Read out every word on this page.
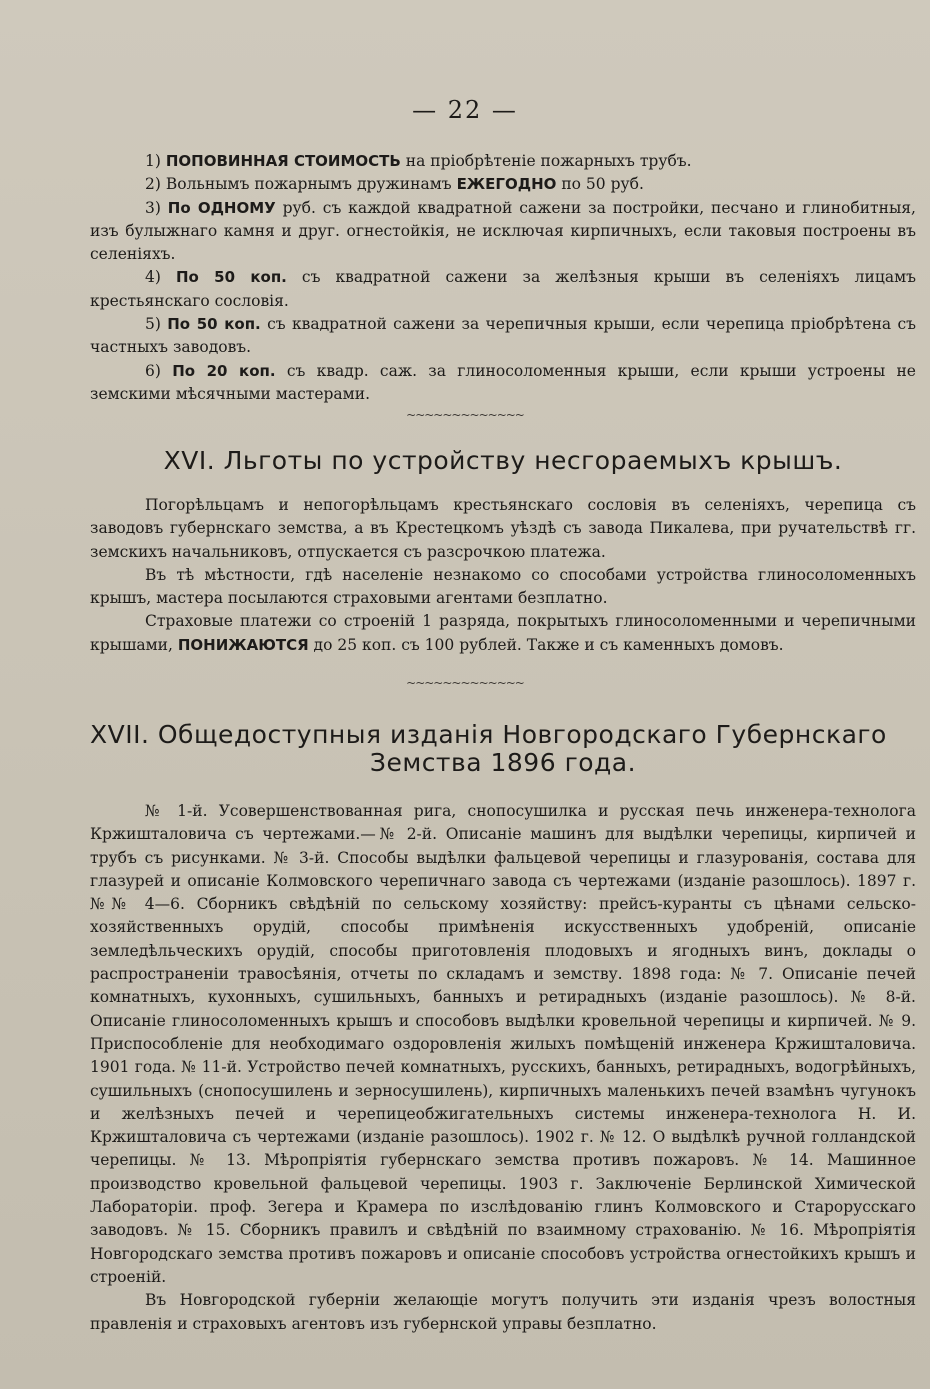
— 22 —

1) ПОПОВИННАЯ СТОИМОСТЬ на пріобрѣтеніе пожарныхъ трубъ.

2) Вольнымъ пожарнымъ дружинамъ ЕЖЕГОДНО по 50 руб.

3) По ОДНОМУ руб. съ каждой квадратной сажени за постройки, песчано и глинобитныя, изъ булыжнаго камня и друг. огнестойкія, не исключая кирпичныхъ, если таковыя построены въ селеніяхъ.

4) По 50 коп. съ квадратной сажени за желѣзныя крыши въ селеніяхъ лицамъ крестьянскаго сословія.

5) По 50 коп. съ квадратной сажени за черепичныя крыши, если черепица пріобрѣтена съ частныхъ заводовъ.

6) По 20 коп. съ квадр. саж. за глиносоломенныя крыши, если крыши устроены не земскими мѣсячными мастерами.

~~~~~~~~~~~~~
XVI. Льготы по устройству несгораемыхъ крышъ.

Погорѣльцамъ и непогорѣльцамъ крестьянскаго сословія въ селеніяхъ, черепица съ заводовъ губернскаго земства, а въ Крестецкомъ уѣздѣ съ завода Пикалева, при ручательствѣ гг. земскихъ начальниковъ, отпускается съ разсрочкою платежа.

Въ тѣ мѣстности, гдѣ населеніе незнакомо со способами устройства глиносоломенныхъ крышъ, мастера посылаются страховыми агентами безплатно.

Страховые платежи со строеній 1 разряда, покрытыхъ глиносоломенными и черепичными крышами, ПОНИЖАЮТСЯ до 25 коп. съ 100 рублей. Также и съ каменныхъ домовъ.

~~~~~~~~~~~~~
XVII. Общедоступныя изданія Новгородскаго Губернскаго
Земства 1896 года.

№ 1-й. Усовершенствованная рига, снопосушилка и русская печь инженера-технолога Кржишталовича съ чертежами.—№ 2-й. Описаніе машинъ для выдѣлки черепицы, кирпичей и трубъ съ рисунками. № 3-й. Способы выдѣлки фальцевой черепицы и глазурованія, состава для глазурей и описаніе Колмовского черепичнаго завода съ чертежами (изданіе разошлось). 1897 г. №№ 4—6. Сборникъ свѣдѣній по сельскому хозяйству: прейсъ-куранты съ цѣнами сельско-хозяйственныхъ орудій, способы примѣненія искусственныхъ удобреній, описаніе земледѣльческихъ орудій, способы приготовленія плодовыхъ и ягодныхъ винъ, доклады о распространеніи травосѣянія, отчеты по складамъ и земству. 1898 года: № 7. Описаніе печей комнатныхъ, кухонныхъ, сушильныхъ, банныхъ и ретирадныхъ (изданіе разошлось). № 8-й. Описаніе глиносоломенныхъ крышъ и способовъ выдѣлки кровельной черепицы и кирпичей. № 9. Приспособленіе для необходимаго оздоровленія жилыхъ помѣщеній инженера Кржишталовича. 1901 года. № 11-й. Устройство печей комнатныхъ, русскихъ, банныхъ, ретирадныхъ, водогрѣйныхъ, сушильныхъ (снопосушилень и зерносушилень), кирпичныхъ маленькихъ печей взамѣнъ чугунокъ и желѣзныхъ печей и черепицеобжигательныхъ системы инженера-технолога Н. И. Кржишталовича съ чертежами (изданіе разошлось). 1902 г. № 12. О выдѣлкѣ ручной голландской черепицы. № 13. Мѣропріятія губернскаго земства противъ пожаровъ. № 14. Машинное производство кровельной фальцевой черепицы. 1903 г. Заключеніе Берлинской Химической Лабораторіи. проф. Зегера и Крамера по изслѣдованію глинъ Колмовского и Старорусскаго заводовъ. № 15. Сборникъ правилъ и свѣдѣній по взаимному страхованію. № 16. Мѣропріятія Новгородскаго земства противъ пожаровъ и описаніе способовъ устройства огнестойкихъ крышъ и строеній.

Въ Новгородской губерніи желающіе могутъ получить эти изданія чрезъ волостныя правленія и страховыхъ агентовъ изъ губернской управы безплатно.
